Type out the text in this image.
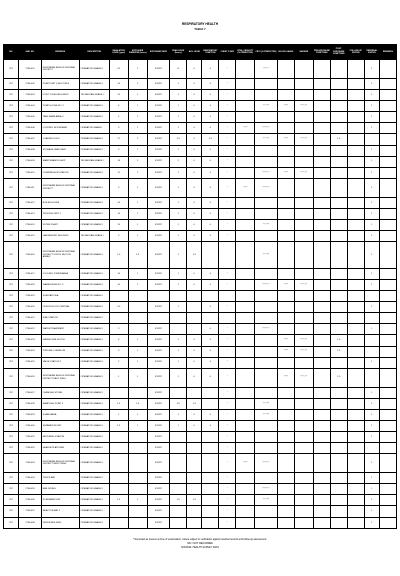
RESPIRATORY HEALTH
TABLE 7
NO.	SUB. NO.	ADDRESS	DESCRIPTION	INHALATION LEVEL (ppm)	EXPOSURE DURATION (hours)	EXPOSURE DATE	PEAK HOUR (hours)	AVG. HOUR	RESPIRATORY SYMPTOM	CHEST X-RAY	VITAL CAPACITY (% PREDICTED)	FEV1 (% PREDICTED)	BLOOD GASES	SMOKER	PRE-EXPOSURE SYMPTOMS	POST-EXPOSURE SYMPTOMS	FOLLOW-UP STATUS	REFERRAL STATUS	REMARKS
257	1796-001	NORTHERN REGION CENTRAL DISTRICT	OPERATOR GRADE II	0.2	1	5/11/97	<1	0	0	*		***** *						1	
257	1796-002	PLANT UNIT 4 SECTOR B	OPERATOR GRADE II	15	2	5/11/97	1	0	0	*								1	
257	1796-003	UTILITY BUILDING WEST	TECHNICIAN GRADE I	15	1	5/11/97	1	0	0	*								1	
257	1796-004	PUMP HOUSE NO. 2	OPERATOR GRADE II	6	1	5/11/97	1	0	0	*		*** ****	*****	****-***				1	
257	1796-005	TANK FARM AREA C	OPERATOR GRADE II	4	1	5/11/97	1	0	0	*								1	
257	1796-006	CONTROL ROOM MAIN	OPERATOR GRADE I	3	1	5/11/97	1	0	0	*	*****	******* *						1	
257	1796-007	LOADING DOCK	OPERATOR GRADE II	27	2	5/11/97	2.5	0	1.5	*		*** ****	*****	****-***		1.5			
257	1796-008	STORAGE YARD EAST	OPERATOR GRADE II	3	1	5/11/97	1	0	0	*								1	
257	1796-009	MAINTENANCE SHOP	TECHNICIAN GRADE I	18	2	5/11/97	2	0	0	*								1	
257	1796-010	COMPRESSOR STATION	OPERATOR GRADE II	11	2	5/11/97	1	0	0	*		******* *	*****	****-***				1	
257	1796-011	NORTHERN REGION CENTRAL DISTRICT	OPERATOR GRADE II	3	1	5/11/97	1	0	0	*	*****	******* *						1	
257	1796-012	BOILER HOUSE	OPERATOR GRADE II	26	1	5/11/97	1	0	0	*								1	
257	1796-013	PROCESS UNIT 1	OPERATOR GRADE II	10	1	5/11/97	1	0	0	*								1	
257	1796-014	FILTER PLANT	OPERATOR GRADE II	10	1	5/11/97	1	0	0	*		*** ****						1	
257	1796-015	LABORATORY BUILDING	TECHNICIAN GRADE I	3	1	5/11/97	1	0	0	*								1	
257	1796-016	NORTHERN REGION CENTRAL DISTRICT SOUTH SECTOR ANNEX	OPERATOR GRADE II	1.0	1.5	5/11/97	1	1.5				*** ****						1	
257	1796-017	COOLING TOWER AREA	OPERATOR GRADE II	10	1	5/11/97	1	0	0	*								1	
257	1796-018	WAREHOUSE NO. 3	OPERATOR GRADE II	10	1	5/11/97	1	0	0	*		******* *	*****	****-***				1	
257	1796-019	SUBSTATION A	OPERATOR GRADE II																
257	1796-020	OFFICE BLOCK CENTRAL	OPERATOR GRADE II	2.0		5/11/97	1		0	*								1	
257	1796-021	FIRE STATION	OPERATOR GRADE II																
257	1796-022	WATER TREATMENT	OPERATOR GRADE II	3		5/11/97			0	*		******* *						1	
257	1796-023	GATEHOUSE SOUTH	OPERATOR GRADE II	6	1	5/11/97	1	0	0	*			*****	****-***		1.5			
257	1796-024	PIPELINE CORRIDOR	OPERATOR GRADE II	3	1	5/11/97	1	0	0	*			*****	****-***		1.5			
257	1796-025	VALVE STATION 7	OPERATOR GRADE II	2	1	5/11/97	1	0	0	*								1	
257	1796-026	NORTHERN REGION CENTRAL DISTRICT EAST WING	OPERATOR GRADE II	1	1	5/11/97	1	0	0	*			*****	****-***		1.5			
257	1796-027	CHEMICAL STORE	OPERATOR GRADE II			5/11/97				*								1	
257	1796-028	SAMPLING POINT 4	OPERATOR GRADE II	1.5	1.5	5/11/97	2.5	1.5		*		*** ****						1	
257	1796-029	FLARE AREA	OPERATOR GRADE II	1	1	5/11/97	1	0	0	*		*** ****						1	
257	1796-030	SEPARATOR UNIT	OPERATOR GRADE II	1.5	1	5/11/97	1	0	0	*								1	
257	1796-031	METERING STATION	OPERATOR GRADE II			5/11/97				*								1	
257	1796-032	HEATER PLATFORM	OPERATOR GRADE II			5/11/97				*									
257	1796-033	NORTHERN REGION CENTRAL DISTRICT WEST WING	OPERATOR GRADE II			5/11/97				*	*****	******* *						1	
257	1796-034	TRUCK BAY	OPERATOR GRADE II			5/11/97				*								1	
257	1796-035	RAIL SIDING	OPERATOR GRADE II			5/11/97				*		******* *						1	
257	1796-036	SCRUBBER UNIT	OPERATOR GRADE II	1.5	1	5/11/97	1.5	1.5		*		*** ****						1	
257	1796-037	REACTOR BAY 2	OPERATOR GRADE II			5/11/97				*								1	
257	1796-038	DRYER BUILDING	OPERATOR GRADE II			5/11/97				*								1	
* Recorded as present at time of examination; values subject to verification against medical records and follow-up assessment.
NR = NOT RECORDED
SOURCE: HEALTH SURVEY DATA
